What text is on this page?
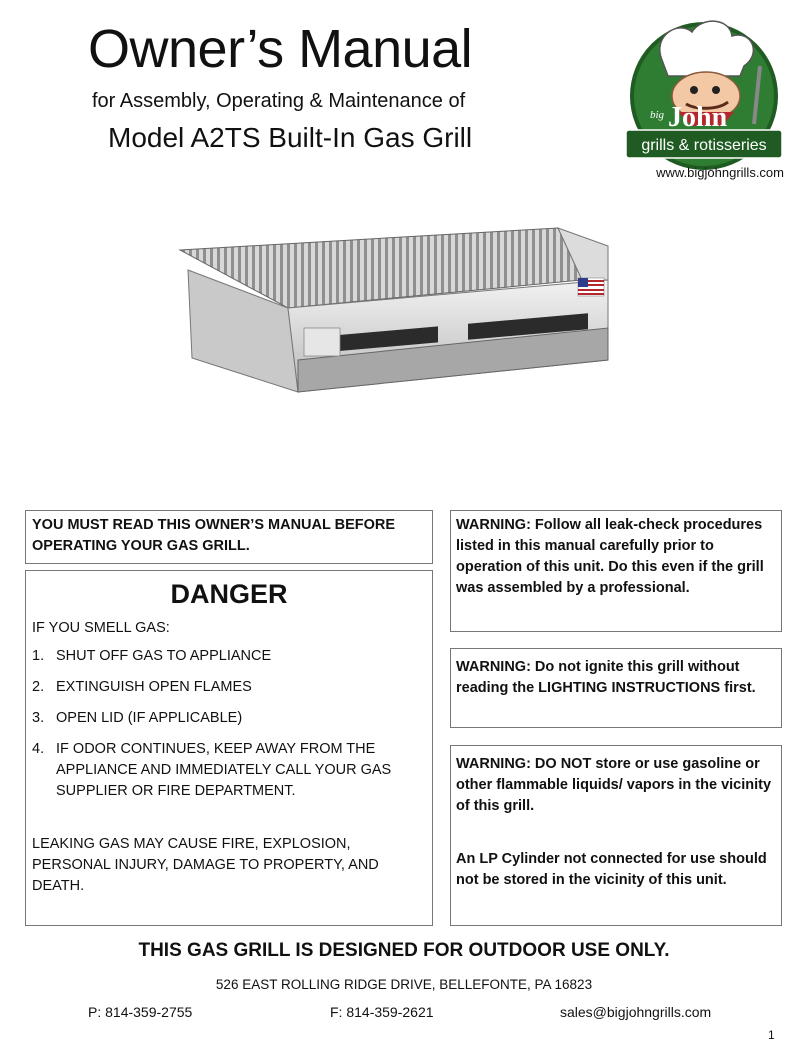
Owner’s Manual
for Assembly, Operating & Maintenance of
Model A2TS Built-In Gas Grill
big John
grills & rotisseries
www.bigjohngrills.com
YOU MUST READ THIS OWNER’S MANUAL BEFORE OPERATING YOUR GAS GRILL.
DANGER
IF YOU SMELL GAS:
1. SHUT OFF GAS TO APPLIANCE
2. EXTINGUISH OPEN FLAMES
3. OPEN LID (IF APPLICABLE)
4. IF ODOR CONTINUES, KEEP AWAY FROM THE APPLIANCE AND IMMEDIATELY CALL YOUR GAS SUPPLIER OR FIRE DEPARTMENT.
LEAKING GAS MAY CAUSE FIRE, EXPLOSION, PERSONAL INJURY, DAMAGE TO PROPERTY, AND DEATH.
WARNING: Follow all leak-check procedures listed in this manual carefully prior to operation of this unit. Do this even if the grill was assembled by a professional.
WARNING: Do not ignite this grill without reading the LIGHTING INSTRUCTIONS first.
WARNING: DO NOT store or use gasoline or other flammable liquids/ vapors in the vicinity of this grill.
An LP Cylinder not connected for use should not be stored in the vicinity of this unit.
THIS GAS GRILL IS DESIGNED FOR OUTDOOR USE ONLY.
526 EAST ROLLING RIDGE DRIVE, BELLEFONTE, PA 16823
P: 814-359-2755	F: 814-359-2621	sales@bigjohngrills.com
1
